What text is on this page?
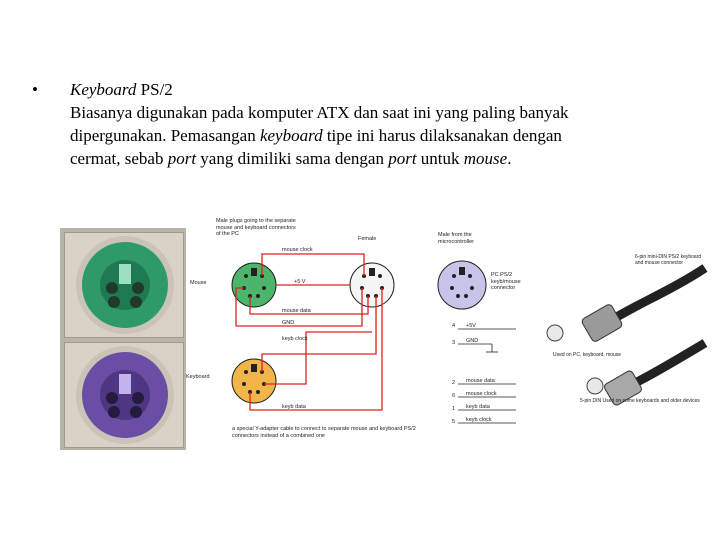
• Keyboard PS/2
Biasanya digunakan pada komputer ATX dan saat ini yang paling banyak
dipergunakan. Pemasangan keyboard tipe ini harus dilaksanakan dengan
cermat, sebab port yang dimiliki sama dengan port untuk mouse.
Male plugs going to the separate mouse and keyboard connectors of the PC
Female
Male from the microcontroller
Mouse
Keyboard
PC PS/2 keyb/mouse connector
mouse clock
+5 V
mouse data
GND
keyb clock
keyb data
4 +5V
3 GND
2 mouse data
6 mouse clock
1 keyb data
5 keyb clock
a special Y-adapter cable to connect to separate mouse and keyboard PS/2 connectors instead of a combined one
6-pin mini-DIN PS/2 keyboard and mouse connector
Used on PC, keyboard, mouse
5-pin DIN Used on some keyboards and older devices
